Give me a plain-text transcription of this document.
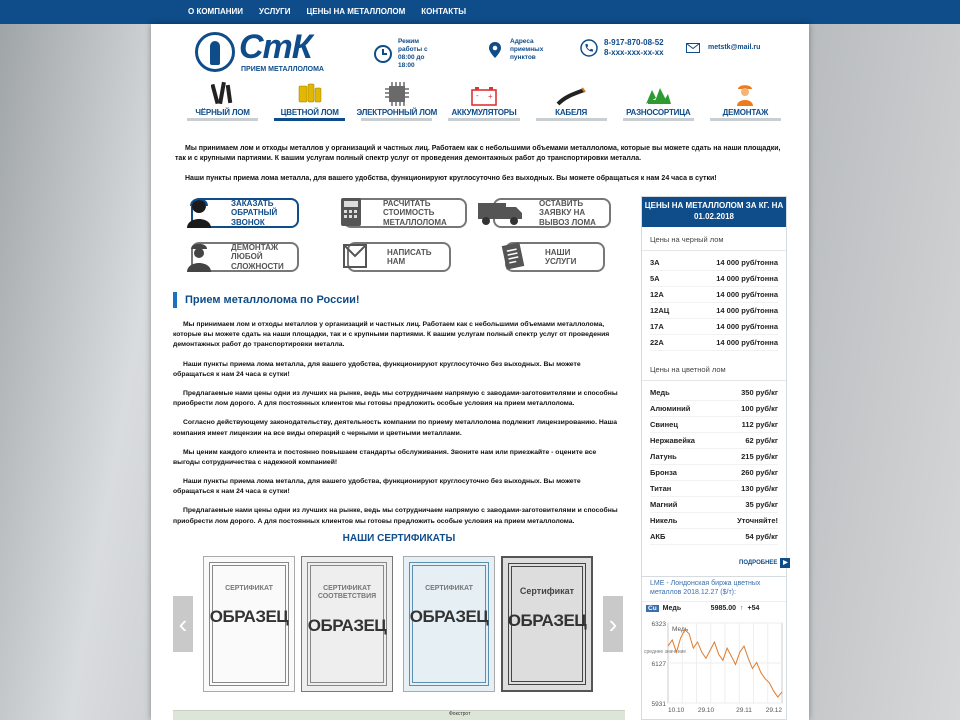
О КОМПАНИИ	УСЛУГИ	ЦЕНЫ НА МЕТАЛЛОЛОМ	КОНТАКТЫ
СтК
ПРИЕМ МЕТАЛЛОЛОМА
Режим работы с 08:00 до 18:00
Адреса приемных пунктов
8-917-870-08-52
8-xxx-xxx-xx-xx
metstk@mail.ru
ЧЁРНЫЙ ЛОМ	ЦВЕТНОЙ ЛОМ	ЭЛЕКТРОННЫЙ ЛОМ
- +
АККУМУЛЯТОРЫ	КАБЕЛЯ	РАЗНОСОРТИЦА	ДЕМОНТАЖ

Мы принимаем лом и отходы металлов у организаций и частных лиц. Работаем как с небольшими объемами металлолома, которые вы можете сдать на наши площадки, так и с крупными партиями. К вашим услугам полный спектр услуг от проведения демонтажных работ до транспортировки металла.

Наши пункты приема лома металла, для вашего удобства, функционируют круглосуточно без выходных. Вы можете обращаться к нам 24 часа в сутки!

ЗАКАЗАТЬ ОБРАТНЫЙ ЗВОНОК
РАСЧИТАТЬ СТОИМОСТЬ МЕТАЛЛОЛОМА
ОСТАВИТЬ ЗАЯВКУ НА ВЫВОЗ ЛОМА
ДЕМОНТАЖ ЛЮБОЙ СЛОЖНОСТИ
НАПИСАТЬ НАМ
НАШИ УСЛУГИ
Прием металлолома по России!

Мы принимаем лом и отходы металлов у организаций и частных лиц. Работаем как с небольшими объемами металлолома, которые вы можете сдать на наши площадки, так и с крупными партиями. К вашим услугам полный спектр услуг от проведения демонтажных работ до транспортировки металла.

Наши пункты приема лома металла, для вашего удобства, функционируют круглосуточно без выходных. Вы можете обращаться к нам 24 часа в сутки!

Предлагаемые нами цены одни из лучших на рынке, ведь мы сотрудничаем напрямую с заводами-заготовителями и способны приобрести лом дорого. А для постоянных клиентов мы готовы предложить особые условия на прием металлолома.

Согласно действующему законодательству, деятельность компании по приему металлолома подлежит лицензированию. Наша компания имеет лицензии на все виды операций с черными и цветными металлами.

Мы ценим каждого клиента и постоянно повышаем стандарты обслуживания. Звоните нам или приезжайте - оцените все выгоды сотрудничества с надежной компанией!

Наши пункты приема лома металла, для вашего удобства, функционируют круглосуточно без выходных. Вы можете обращаться к нам 24 часа в сутки!

Предлагаемые нами цены одни из лучших на рынке, ведь мы сотрудничаем напрямую с заводами-заготовителями и способны приобрести лом дорого. А для постоянных клиентов мы готовы предложить особые условия на прием металлолома.

НАШИ СЕРТИФИКАТЫ
‹
СЕРТИФИКАТ
ОБРАЗЕЦ
СЕРТИФИКАТ СООТВЕТСТВИЯ
ОБРАЗЕЦ
СЕРТИФИКАТ
ОБРАЗЕЦ
Сертификат
ОБРАЗЕЦ ›
Фокстрот
ЦЕНЫ НА МЕТАЛЛОЛОМ ЗА КГ. НА 01.02.2018
Цены на черный лом
3А	14 000 руб/тонна
5А	14 000 руб/тонна
12А	14 000 руб/тонна
12АЦ	14 000 руб/тонна
17А	14 000 руб/тонна
22А	14 000 руб/тонна
Цены на цветной лом
Медь	350 руб/кг
Алюминий	100 руб/кг
Свинец	112 руб/кг
Нержавейка	62 руб/кг
Латунь	215 руб/кг
Бронза	260 руб/кг
Титан	130 руб/кг
Магний	35 руб/кг
Никель	Уточняйте!
АКБ	54 руб/кг
ПОДРОБНЕЕ ▶
LME - Лондонская биржа цветных металлов 2018.12.27 ($/т):
Cu Медь	5985.00 ↑ +54
6323
6127
5931
среднее значение
Медь
10.10 29.10	29.11 29.12
